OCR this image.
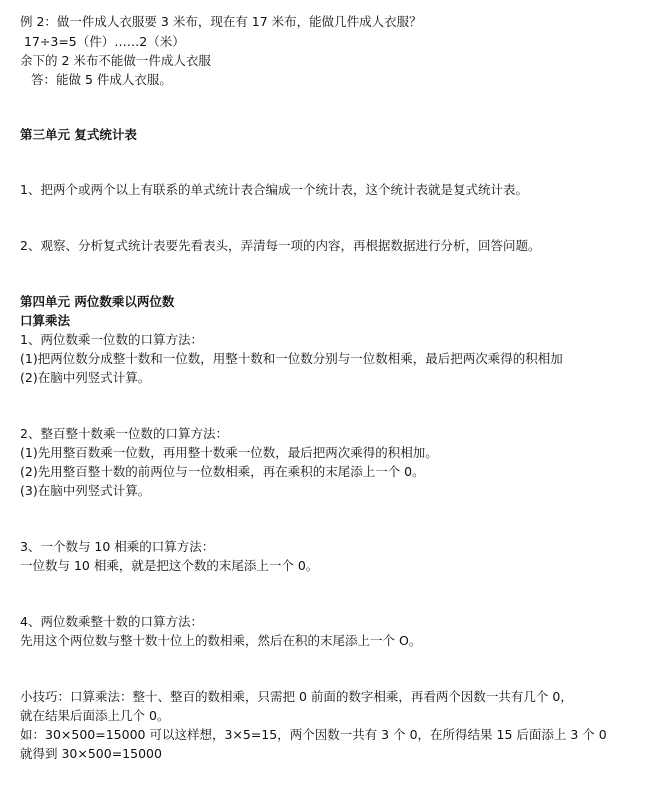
例 2：做一件成人衣服要 3 米布，现在有 17 米布，能做几件成人衣服？
17÷3=5（件）……2（米）
余下的 2 米布不能做一件成人衣服
答：能做 5 件成人衣服。
第三单元 复式统计表
1、把两个或两个以上有联系的单式统计表合编成一个统计表，这个统计表就是复式统计表。
2、观察、分析复式统计表要先看表头，弄清每一项的内容，再根据数据进行分析，回答问题。
第四单元 两位数乘以两位数
口算乘法
1、两位数乘一位数的口算方法：
(1)把两位数分成整十数和一位数，用整十数和一位数分别与一位数相乘，最后把两次乘得的积相加
(2)在脑中列竖式计算。
2、整百整十数乘一位数的口算方法：
(1)先用整百数乘一位数，再用整十数乘一位数，最后把两次乘得的积相加。
(2)先用整百整十数的前两位与一位数相乘，再在乘积的末尾添上一个 0。
(3)在脑中列竖式计算。
3、一个数与 10 相乘的口算方法：
一位数与 10 相乘，就是把这个数的末尾添上一个 0。
4、两位数乘整十数的口算方法：
先用这个两位数与整十数十位上的数相乘，然后在积的末尾添上一个 O。
小技巧：口算乘法：整十、整百的数相乘，只需把 0 前面的数字相乘，再看两个因数一共有几个 0，
就在结果后面添上几个 0。
如：30×500=15000 可以这样想，3×5=15，两个因数一共有 3 个 0，在所得结果 15 后面添上 3 个 0
就得到 30×500=15000
